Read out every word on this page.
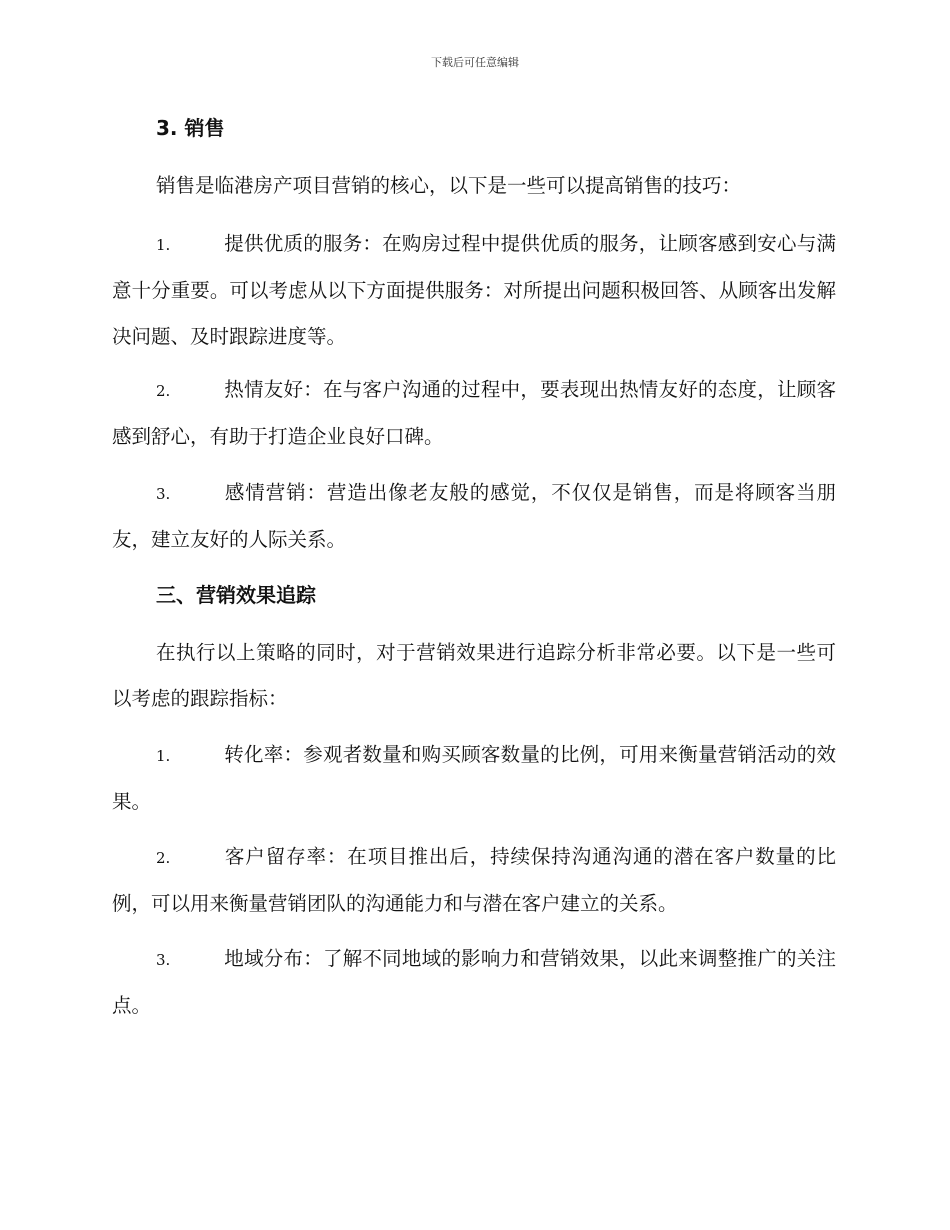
下载后可任意编辑
3. 销售
销售是临港房产项目营销的核心，以下是一些可以提高销售的技巧：
1.	提供优质的服务：在购房过程中提供优质的服务，让顾客感到安心与满意十分重要。可以考虑从以下方面提供服务：对所提出问题积极回答、从顾客出发解决问题、及时跟踪进度等。
2.	热情友好：在与客户沟通的过程中，要表现出热情友好的态度，让顾客感到舒心，有助于打造企业良好口碑。
3.	感情营销：营造出像老友般的感觉，不仅仅是销售，而是将顾客当朋友，建立友好的人际关系。
三、营销效果追踪
在执行以上策略的同时，对于营销效果进行追踪分析非常必要。以下是一些可以考虑的跟踪指标：
1.	转化率：参观者数量和购买顾客数量的比例，可用来衡量营销活动的效果。
2.	客户留存率：在项目推出后，持续保持沟通沟通的潜在客户数量的比例，可以用来衡量营销团队的沟通能力和与潜在客户建立的关系。
3.	地域分布：了解不同地域的影响力和营销效果，以此来调整推广的关注点。
